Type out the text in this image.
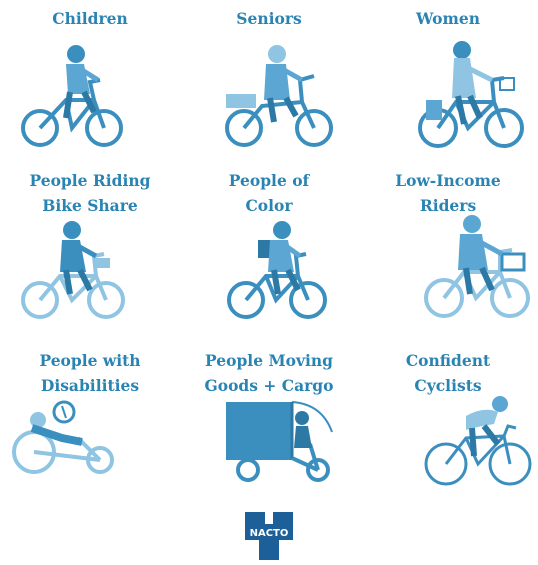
Children	Seniors	Women
People Riding
Bike Share
People of
Color
Low-Income
Riders
People with
Disabilities
People Moving
Goods + Cargo
Confident
Cyclists
NACTO
